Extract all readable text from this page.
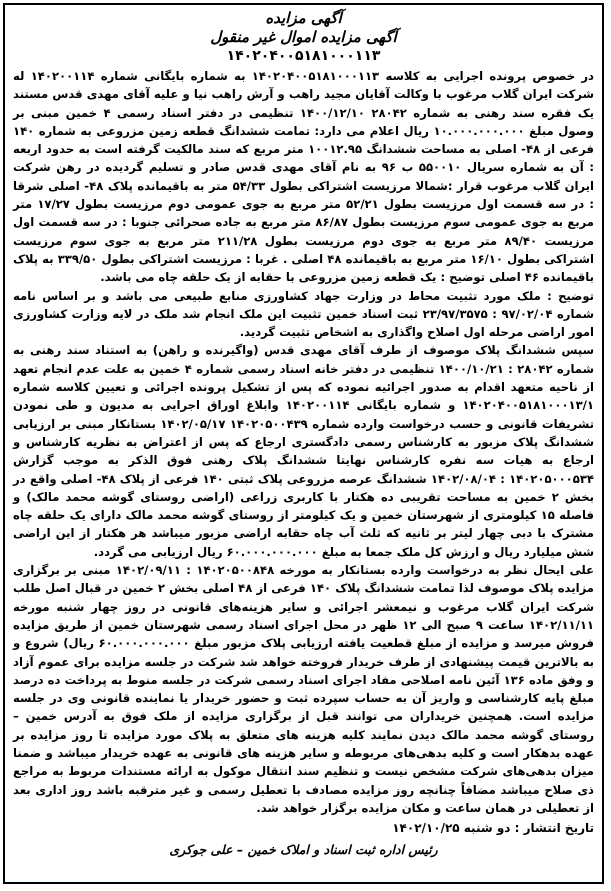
آگهی مزایده
آگهی مزایده اموال غیر منقول
۱۴۰۲۰۴۰۰۵۱۸۱۰۰۰۱۱۳

در خصوص پرونده اجرایی به کلاسه ۱۴۰۲۰۴۰۰۵۱۸۱۰۰۰۱۱۳ به شماره بایگانی شماره ۱۴۰۲۰۰۱۱۴ له شرکت ایران گلاب مرغوب با وکالت آقایان مجید راهب و آرش راهب نیا و علیه آقای مهدی قدس مستند یک فقره سند رهنی به شماره ۲۸۰۴۲ ۱۴۰۰/۱۲/۱۰ تنظیمی در دفتر اسناد رسمی ۴ خمین مبنی بر وصول مبلغ ۱۰.۰۰۰.۰۰۰.۰۰۰ ریال اعلام می دارد: تمامت ششدانگ قطعه زمین مزروعی به شماره ۱۴۰ فرعی از ۴۸- اصلی به مساحت ششدانگ ۱۰۰۱۲.۹۵ متر مربع که سند مالکیت گرفته است به حدود اربعه : آن به شماره سریال ۵۵۰۰۱۰ ب ۹۶ به نام آقای مهدی قدس صادر و تسلیم گردیده در رهن شرکت ایران گلاب مرغوب قرار :شمالا مرزیست اشتراکی بطول ۵۴/۳۳ متر به باقیمانده پلاک ۴۸- اصلی شرقا : در سه قسمت اول مرزیست بطول ۵۲/۲۱ متر مربع به جوی عمومی دوم مرزیست بطول ۱۷/۲۷ متر مربع به جوی عمومی سوم مرزیست بطول ۸۶/۸۷ متر مربع به جاده صحرائی جنوبا : در سه قسمت اول مرزیست ۸۹/۴۰ متر مربع به جوی دوم مرزیست بطول ۲۱۱/۲۸ متر مربع به جوی سوم مرزیست اشتراکی بطول ۱۶/۱۰ متر مربع به باقیمانده ۴۸ اصلی . غربا : مرزیست اشتراکی بطول ۳۳۹/۵۰ به پلاک باقیمانده ۴۶ اصلی توضیح : یک قطعه زمین مزروعی با حقابه از یک حلقه چاه می باشد.

توضیح : ملک مورد تثبیت محاط در وزارت جهاد کشاورزی منابع طبیعی می باشد و بر اساس نامه شماره ۹۷/۰۲/۰۴ : ۲۳/۹۷/۳۵۷۵ ثبت اسناد خمین تثبیت این ملک انجام شد ملک در لایه وزارت کشاورزی امور اراضی مرحله اول اصلاح واگذاری به اشخاص تثبیت گردید.

سپس ششدانگ پلاک موصوف از طرف آقای مهدی قدس (واگیرنده و راهن) به استناد سند رهنی به شماره ۲۸۰۴۲ : ۱۴۰۰/۱۰/۲۱ تنظیمی در دفتر خانه اسناد رسمی شماره ۴ خمین به علت عدم انجام تعهد از ناحیه متعهد اقدام به صدور اجرائیه نموده که پس از تشکیل پرونده اجرائی و تعیین کلاسه شماره ۱۴۰۲۰۴۰۰۵۱۸۱۰۰۰۱۳/۱ و شماره بایگانی ۱۴۰۲۰۰۱۱۴ وابلاغ اوراق اجرایی به مدیون و طی نمودن تشریفات قانونی و حسب درخواست وارده شماره ۱۴۰۲۰۵۰۰۴۳۹ ۱۴۰۲/۰۵/۱۷ بستانکار مبنی بر ارزیابی ششدانگ پلاک مزبور به کارشناس رسمی دادگستری ارجاع که پس از اعتراض به نظریه کارشناس و ارجاع به هیات سه نفره کارشناس نهایتا ششدانگ پلاک رهنی فوق الذکر به موجب گزارش ۱۴۰۲۰۵۰۰۰۵۳۴ : ۱۴۰۲/۰۸/۰۴ ششدانگ عرصه مزروعی پلاک ثبتی ۱۴۰ فرعی از پلاک ۴۸- اصلی واقع در بخش ۲ خمین به مساحت تقریبی ده هکتار با کاربری زراعی (اراضی روستای گوشه محمد مالک) و فاصله ۱۵ کیلومتری از شهرستان خمین و یک کیلومتر از روستای گوشه محمد مالک دارای یک حلقه چاه مشترک با دبی چهار لیتر بر ثانیه که ثلث آب چاه حقابه اراضی مزبور میباشد هر هکتار از این اراضی شش میلیارد ریال و ارزش کل ملک جمعا به مبلغ ۶۰.۰۰۰.۰۰۰.۰۰۰ ریال ارزیابی می گردد.

علی ایحال نظر به درخواست وارده بستانکار به مورخه ۱۴۰۲۰۵۰۰۸۴۸ : ۱۴۰۲/۰۹/۱۱ مبنی بر برگزاری مزایده پلاک موصوف لذا تمامت ششدانگ پلاک ۱۴۰ فرعی از ۴۸ اصلی بخش ۲ خمین در قبال اصل طلب شرکت ایران گلاب مرغوب و نیمعشر اجرائی و سایر هزینه‌های قانونی در روز چهار شنبه مورخه ۱۴۰۲/۱۱/۱۱ ساعت ۹ صبح الی ۱۲ ظهر در محل اجرای اسناد رسمی شهرستان خمین از طریق مزایده فروش میرسد و مزایده از مبلغ قطعیت یافته ارزیابی پلاک مزبور مبلغ ۶۰.۰۰۰.۰۰۰.۰۰۰ ریال) شروع و به بالاترین قیمت پیشنهادی از طرف خریدار فروخته خواهد شد شرکت در جلسه مزایده برای عموم آزاد و وفق ماده ۱۳۶ آئین نامه اصلاحی مفاد اجرای اسناد رسمی شرکت در جلسه منوط به پرداخت ده درصد مبلغ پایه کارشناسی و واریز آن به حساب سپرده ثبت و حضور خریدار یا نماینده قانونی وی در جلسه مزایده است. همچنین خریداران می توانند قبل از برگزاری مزایده از ملک فوق به آدرس خمین – روستای گوشه محمد مالک دیدن نمایند کلیه هزینه های متعلق به پلاک مورد مزایده تا روز مزایده بر عهده بدهکار است و کلیه بدهی‌های مربوطه و سایر هزینه های قانونی به عهده خریدار میباشد و ضمنا میزان بدهی‌های شرکت مشخص نیست و تنظیم سند انتقال موکول به ارائه مستندات مربوط به مراجع ذی صلاح میباشد مضافاً چنانچه روز مزایده مصادف با تعطیل رسمی و غیر مترقبه باشد روز اداری بعد از تعطیلی در همان ساعت و مکان مزایده برگزار خواهد شد.

تاریخ انتشار : دو شنبه ۱۴۰۲/۱۰/۲۵
رئیس اداره ثبت اسناد و املاک خمین – علی جوکری
